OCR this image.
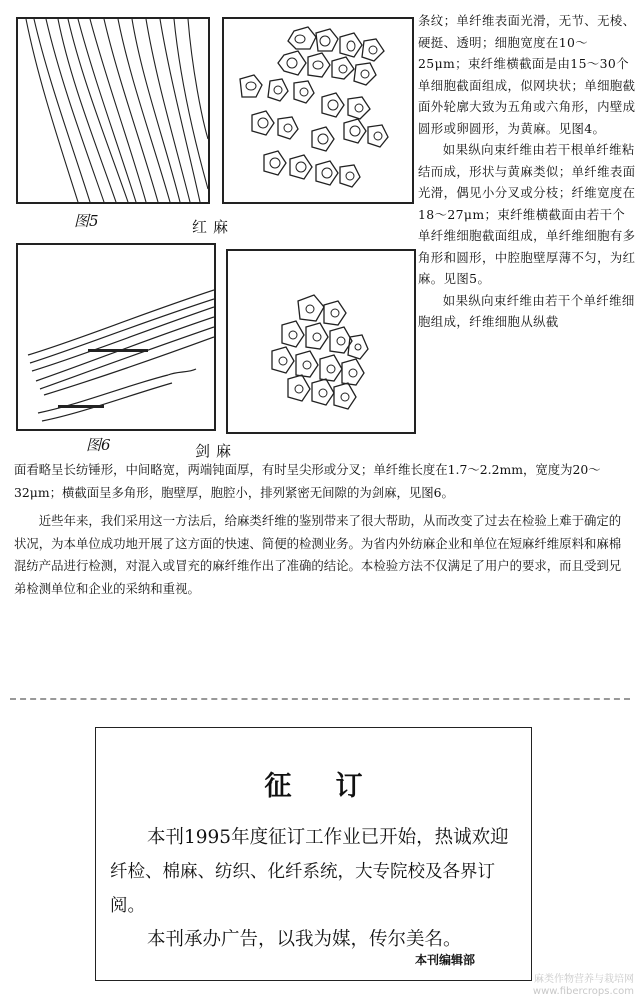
图5	红麻
图6	剑麻

条纹；单纤维表面光滑，无节、无棱、硬挺、透明；细胞宽度在10～25μm；束纤维横截面是由15～30个单细胞截面组成，似网块状；单细胞截面外轮廓大致为五角或六角形，内壁成圆形或卵圆形，为黄麻。见图4。

如果纵向束纤维由若干根单纤维粘结而成，形状与黄麻类似；单纤维表面光滑，偶见小分叉或分枝；纤维宽度在18～27μm；束纤维横截面由若干个单纤维细胞截面组成，单纤维细胞有多角形和圆形，中腔胞壁厚薄不匀，为红麻。见图5。

如果纵向束纤维由若干个单纤维细胞组成，纤维细胞从纵截

面看略呈长纺锤形，中间略宽，两端钝面厚，有时呈尖形或分叉；单纤维长度在1.7～2.2mm，宽度为20～32μm；横截面呈多角形，胞壁厚，胞腔小，排列紧密无间隙的为剑麻，见图6。

近些年来，我们采用这一方法后，给麻类纤维的鉴别带来了很大帮助，从而改变了过去在检验上难于确定的状况，为本单位成功地开展了这方面的快速、简便的检测业务。为省内外纺麻企业和单位在短麻纤维原料和麻棉混纺产品进行检测，对混入或冒充的麻纤维作出了准确的结论。本检验方法不仅满足了用户的要求，而且受到兄弟检测单位和企业的采纳和重视。

征订

本刊1995年度征订工作业已开始，热诚欢迎

纤检、棉麻、纺织、化纤系统，大专院校及各界订阅。

本刊承办广告，以我为媒，传尔美名。

本刊编辑部
麻类作物营养与栽培网
www.fibercrops.com
